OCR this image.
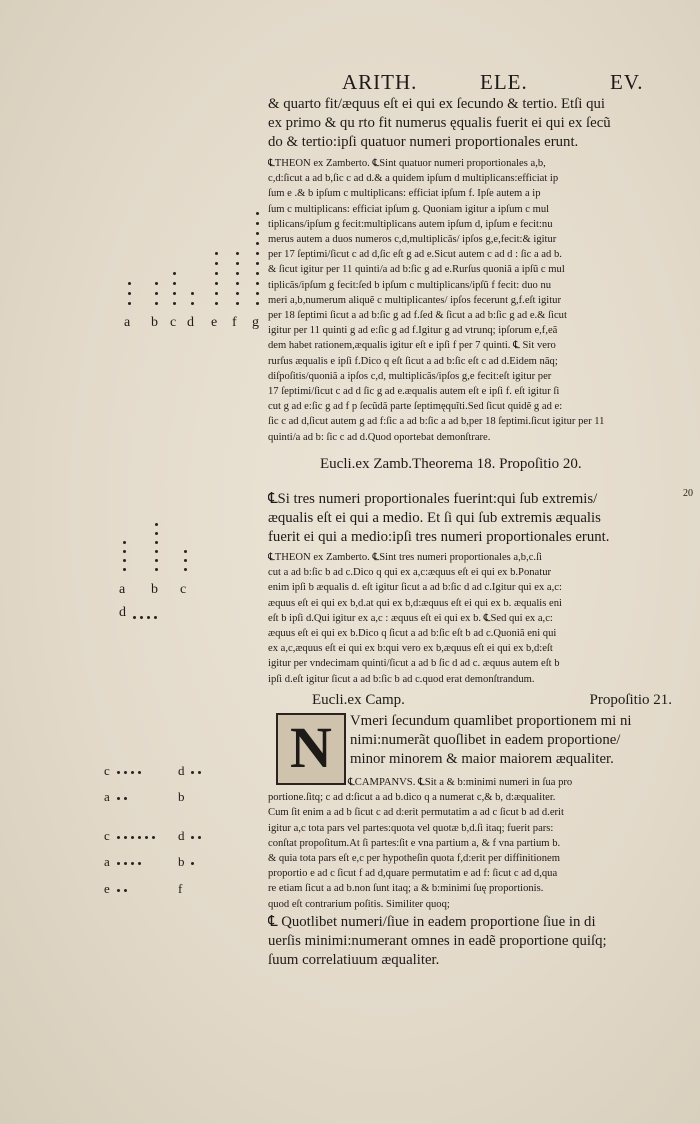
ARITH.	ELE.	EV.
& quarto fit/æquus eſt ei qui ex ſecundo & tertio. Etſi qui
ex primo & qu rto fit numerus ęqualis fuerit ei qui ex ſecũ
do & tertio:ipſi quatuor numeri proportionales erunt.
℄THEON ex Zamberto. ℄Sint quatuor numeri proportionales a,b,
c,d:ſicut a ad b,ſic c ad d.& a quidem ipſum d multiplicans:efficiat ip
ſum e .& b ipſum c multiplicans: efficiat ipſum f. Ipſe autem a ip
ſum c multiplicans: efficiat ipſum g. Quoniam igitur a ipſum c mul
tiplicans/ipſum g fecit:multiplicans autem ipſum d, ipſum e fecit:nu
merus autem a duos numeros c,d,multiplicãs/ ipſos g,e,fecit:& igitur
per 17 ſeptimi/ſicut c ad d,ſic eſt g ad e.Sicut autem c ad d : ſic a ad b.
& ſicut igitur per 11 quinti/a ad b:ſic g ad e.Rurſus quoniã a ipſũ c mul
tiplicãs/ipſum g fecit:ſed b ipſum c multiplicans/ipſũ f fecit: duo nu
meri a,b,numerum aliquẽ c multiplicantes/ ipſos fecerunt g,f.eſt igitur
per 18 ſeptimi ſicut a ad b:ſic g ad f.ſed & ſicut a ad b:ſic g ad e.& ſicut
igitur per 11 quinti g ad e:ſic g ad f.Igitur g ad vtrunq; ipſorum e,f,eã
dem habet rationem,æqualis igitur eſt e ipſi f per 7 quinti. ℄ Sit vero
rurſus æqualis e ipſi f.Dico q eſt ſicut a ad b:ſic eſt c ad d.Eidem nãq;
diſpoſitis/quoniã a ipſos c,d, multiplicãs/ipſos g,e fecit:eſt igitur per
17 ſeptimi/ſicut c ad d ſic g ad e.æqualis autem eſt e ipſi f. eſt igitur ſi
cut g ad e:ſic g ad f p ſecũdã parte ſeptimęquĩti.Sed ſicut quidẽ g ad e:
ſic c ad d,ſicut autem g ad f:ſic a ad b:ſic a ad b,per 18 ſeptimi.ſicut igitur per 11
quinti/a ad b: ſic c ad d.Quod oportebat demonſtrare.
Eucli.ex Zamb.Theorema 18. Propoſitio 20.
20
℄Si tres numeri proportionales fuerint:qui ſub extremis/
æqualis eſt ei qui a medio. Et ſi qui ſub extremis æqualis
fuerit ei qui a medio:ipſi tres numeri proportionales erunt.
℄THEON ex Zamberto. ℄Sint tres numeri proportionales a,b,c.ſi
cut a ad b:ſic b ad c.Dico q qui ex a,c:æquus eſt ei qui ex b.Ponatur
enim ipſi b æqualis d. eſt igitur ſicut a ad b:ſic d ad c.Igitur qui ex a,c:
æquus eſt ei qui ex b,d.at qui ex b,d:æquus eſt ei qui ex b. æqualis eni
eſt b ipſi d.Qui igitur ex a,c : æquus eſt ei qui ex b. ℄Sed qui ex a,c:
æquus eſt ei qui ex b.Dico q ſicut a ad b:ſic eſt b ad c.Quoniã eni qui
ex a,c,æquus eſt ei qui ex b:qui vero ex b,æquus eſt ei qui ex b,d:eſt
igitur per vndecimam quinti/ſicut a ad b ſic d ad c. æquus autem eſt b
ipſi d.eſt igitur ſicut a ad b:ſic b ad c.quod erat demonſtrandum.
Eucli.ex Camp.	Propoſitio 21.
N	Vmeri ſecundum quamlibet proportionem mi ni
nimi:numerãt quoſlibet in eadem proportione/
minor minorem & maior maiorem æqualiter.
℄CAMPANVS. ℄Sit a & b:minimi numeri in ſua pro
portione.ſitq; c ad d:ſicut a ad b.dico q a numerat c,& b, d:æqualiter.
Cum ſit enim a ad b ſicut c ad d:erit permutatim a ad c ſicut b ad d.erit
igitur a,c tota pars vel partes:quota vel quotæ b,d.ſi itaq; fuerit pars:
conſtat propoſitum.At ſi partes:ſit e vna partium a, & f vna partium b.
& quia tota pars eſt e,c per hypotheſin quota f,d:erit per diffinitionem
proportio e ad c ſicut f ad d,quare permutatim e ad f: ſicut c ad d,qua
re etiam ſicut a ad b.non ſunt itaq; a & b:minimi ſuę proportionis.
quod eſt contrarium poſitis. Similiter quoq;
℄ Quotlibet numeri/ſiue in eadem proportione ſiue in di
uerſis minimi:numerant omnes in eadẽ proportione quiſq;
ſuum correlatiuum æqualiter.
a b c d e f g
a b c
d
c	d
a	b
c	d
a	b
e	f
